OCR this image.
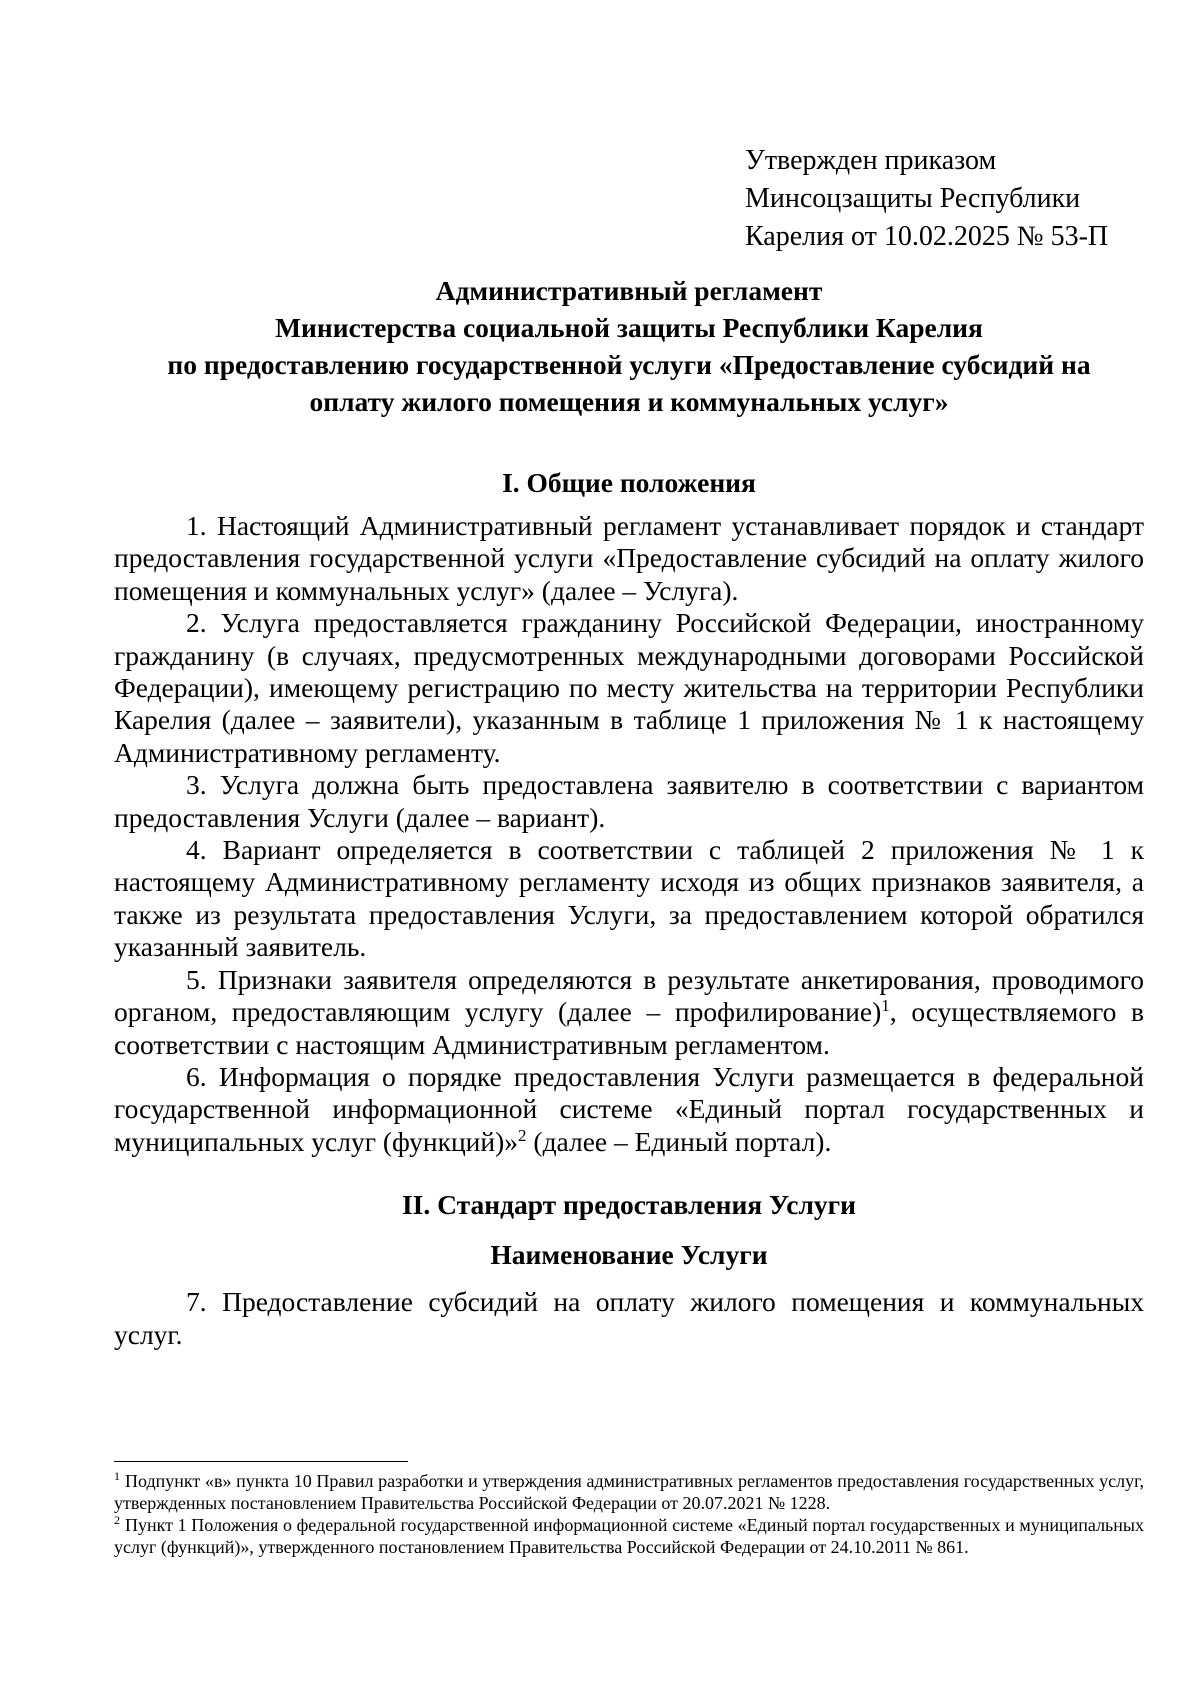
Утвержден приказом
Минсоцзащиты Республики
Карелия от 10.02.2025 № 53-П
Административный регламент
Министерства социальной защиты Республики Карелия
по предоставлению государственной услуги «Предоставление субсидий на
оплату жилого помещения и коммунальных услуг»
I. Общие положения

1. Настоящий Административный регламент устанавливает порядок и стандарт предоставления государственной услуги «Предоставление субсидий на оплату жилого помещения и коммунальных услуг» (далее – Услуга).

2. Услуга предоставляется гражданину Российской Федерации, иностранному гражданину (в случаях, предусмотренных международными договорами Российской Федерации), имеющему регистрацию по месту жительства на территории Республики Карелия (далее – заявители), указанным в таблице 1 приложения № 1 к настоящему Административному регламенту.

3. Услуга должна быть предоставлена заявителю в соответствии с вариантом предоставления Услуги (далее – вариант).

4. Вариант определяется в соответствии с таблицей 2 приложения № 1 к настоящему Административному регламенту исходя из общих признаков заявителя, а также из результата предоставления Услуги, за предоставлением которой обратился указанный заявитель.

5. Признаки заявителя определяются в результате анкетирования, проводимого органом, предоставляющим услугу (далее – профилирование)$^1$, осуществляемого в соответствии с настоящим Административным регламентом.

6. Информация о порядке предоставления Услуги размещается в федеральной государственной информационной системе «Единый портал государственных и муниципальных услуг (функций)»$^2$ (далее – Единый портал).

II. Стандарт предоставления Услуги
Наименование Услуги

7. Предоставление субсидий на оплату жилого помещения и коммунальных услуг.

$^1$ Подпункт «в» пункта 10 Правил разработки и утверждения административных регламентов предоставления государственных услуг, утвержденных постановлением Правительства Российской Федерации от 20.07.2021 № 1228.

$^2$ Пункт 1 Положения о федеральной государственной информационной системе «Единый портал государственных и муниципальных услуг (функций)», утвержденного постановлением Правительства Российской Федерации от 24.10.2011 № 861.
